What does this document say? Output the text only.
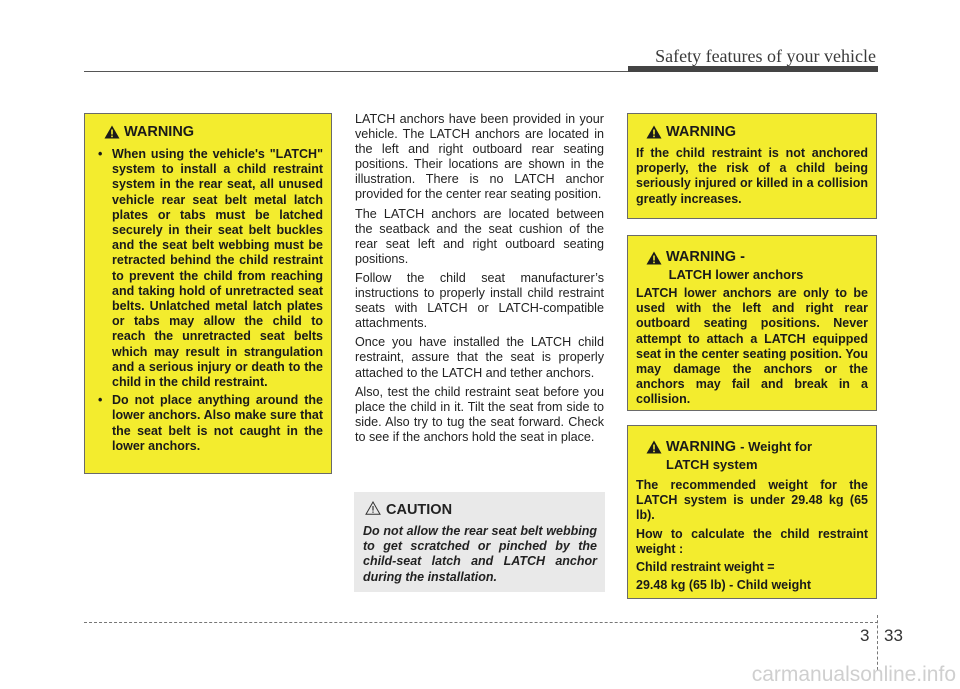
Safety features of your vehicle
WARNING
• When using the vehicle's "LATCH" system to install a child restraint system in the rear seat, all unused vehicle rear seat belt metal latch plates or tabs must be latched securely in their seat belt buckles and the seat belt webbing must be retracted behind the child restraint to prevent the child from reaching and taking hold of unretracted seat belts. Unlatched metal latch plates or tabs may allow the child to reach the unretracted seat belts which may result in strangulation and a serious injury or death to the child in the child restraint.
• Do not place anything around the lower anchors. Also make sure that the seat belt is not caught in the lower anchors.

LATCH anchors have been provided in your vehicle. The LATCH anchors are located in the left and right outboard rear seating positions. Their locations are shown in the illustration. There is no LATCH anchor provided for the center rear seating position.

The LATCH anchors are located between the seatback and the seat cushion of the rear seat left and right outboard seating positions.

Follow the child seat manufacturer’s instructions to properly install child restraint seats with LATCH or LATCH-compatible attachments.

Once you have installed the LATCH child restraint, assure that the seat is properly attached to the LATCH and tether anchors.

Also, test the child restraint seat before you place the child in it. Tilt the seat from side to side. Also try to tug the seat forward. Check to see if the anchors hold the seat in place.

CAUTION
Do not allow the rear seat belt webbing to get scratched or pinched by the child-seat latch and LATCH anchor during the installation.
WARNING
If the child restraint is not anchored properly, the risk of a child being seriously injured or killed in a collision greatly increases.
WARNING - LATCH lower anchors
LATCH lower anchors are only to be used with the left and right rear outboard seating positions. Never attempt to attach a LATCH equipped seat in the center seating position. You may damage the anchors or the anchors may fail and break in a collision.
WARNING - Weight for LATCH system
The recommended weight for the LATCH system is under 29.48 kg (65 lb).
How to calculate the child restraint weight :
Child restraint weight =
29.48 kg (65 lb) - Child weight
3 33
carmanualsonline.info
